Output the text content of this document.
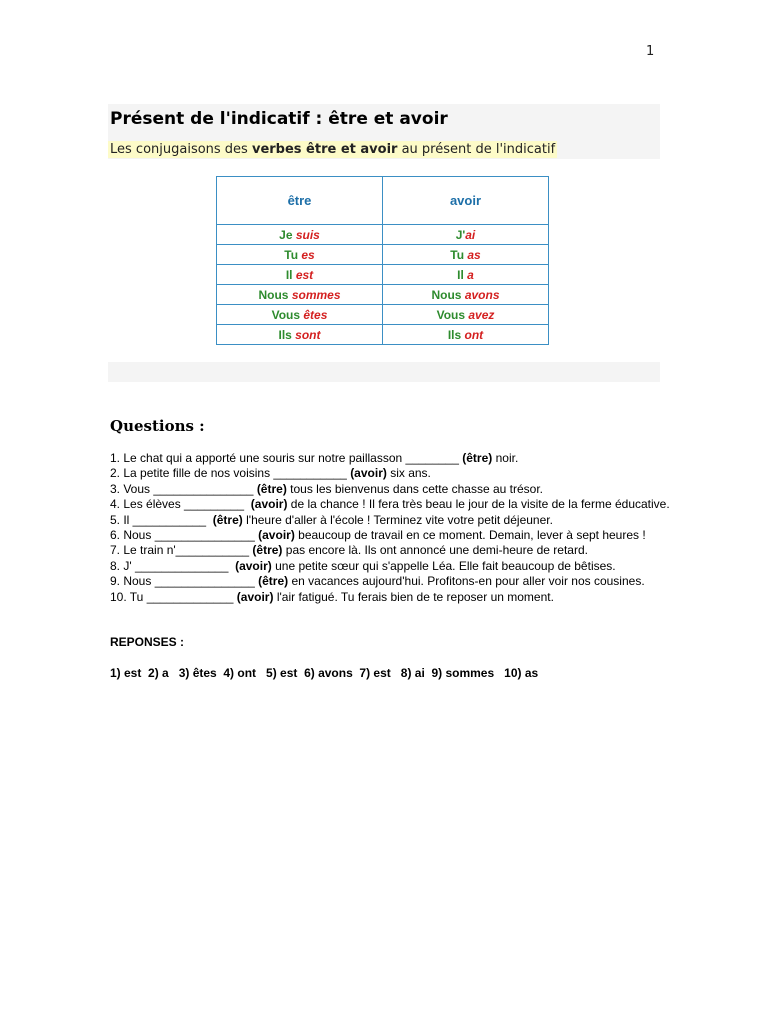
1
Présent de l'indicatif : être et avoir
Les conjugaisons des verbes être et avoir au présent de l'indicatif
être	avoir
Je suis	J'ai
Tu es	Tu as
Il est	Il a
Nous sommes	Nous avons
Vous êtes	Vous avez
Ils sont	Ils ont
Questions :
1. Le chat qui a apporté une souris sur notre paillasson ________ (être) noir.
2. La petite fille de nos voisins ___________ (avoir) six ans.
3. Vous _______________ (être) tous les bienvenus dans cette chasse au trésor.
4. Les élèves _________  (avoir) de la chance ! Il fera très beau le jour de la visite de la ferme éducative.
5. Il ___________  (être) l'heure d'aller à l'école ! Terminez vite votre petit déjeuner.
6. Nous _______________ (avoir) beaucoup de travail en ce moment. Demain, lever à sept heures !
7. Le train n'___________ (être) pas encore là. Ils ont annoncé une demi-heure de retard.
8. J' ______________  (avoir) une petite sœur qui s'appelle Léa. Elle fait beaucoup de bêtises.
9. Nous _______________ (être) en vacances aujourd'hui. Profitons-en pour aller voir nos cousines.
10. Tu _____________ (avoir) l'air fatigué. Tu ferais bien de te reposer un moment.
REPONSES :
1) est  2) a   3) êtes  4) ont   5) est  6) avons  7) est   8) ai  9) sommes   10) as
